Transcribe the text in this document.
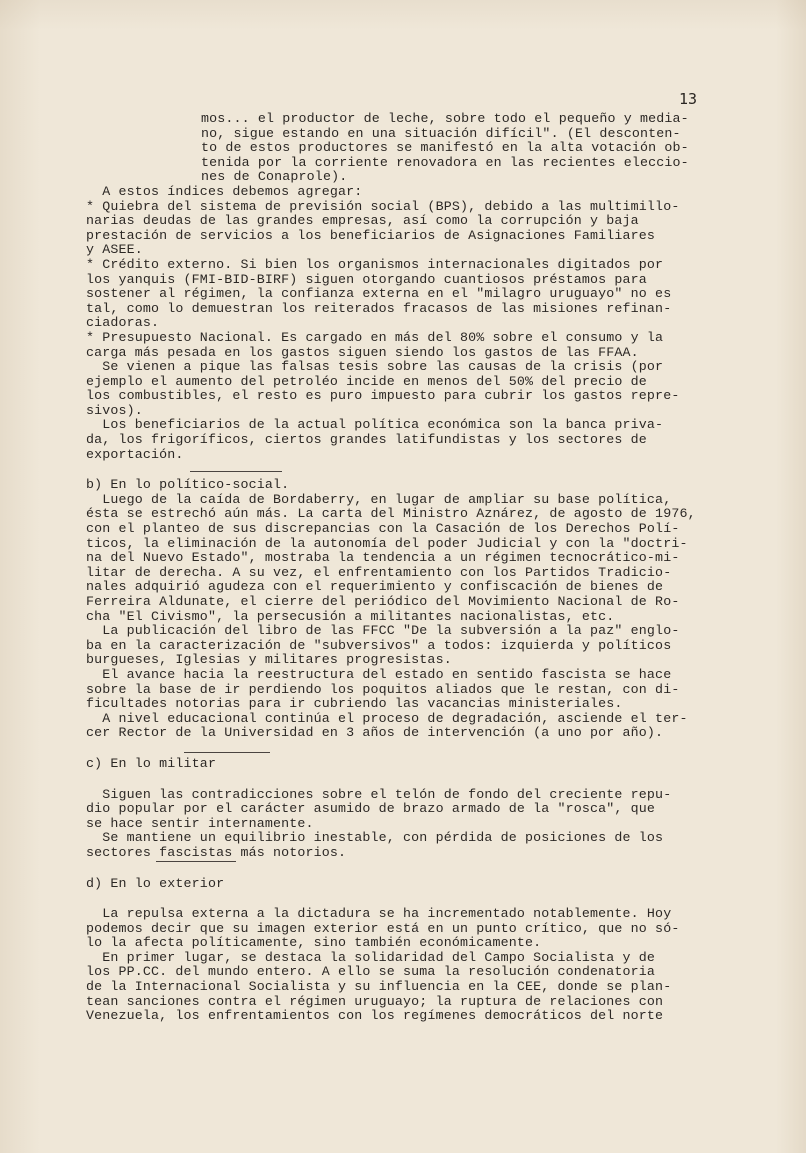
13

mos... el productor de leche, sobre todo el pequeño y media-

no, sigue estando en una situación difícil". (El desconten-

to de estos productores se manifestó en la alta votación ob-

tenida por la corriente renovadora en las recientes eleccio-

nes de Conaprole).

A estos índices debemos agregar:

* Quiebra del sistema de previsión social (BPS), debido a las multimillo-

narias deudas de las grandes empresas, así como la corrupción y baja

prestación de servicios a los beneficiarios de Asignaciones Familiares

y ASEE.

* Crédito externo. Si bien los organismos internacionales digitados por

los yanquis (FMI-BID-BIRF) siguen otorgando cuantiosos préstamos para

sostener al régimen, la confianza externa en el "milagro uruguayo" no es

tal, como lo demuestran los reiterados fracasos de las misiones refinan-

ciadoras.

* Presupuesto Nacional. Es cargado en más del 80% sobre el consumo y la

carga más pesada en los gastos siguen siendo los gastos de las FFAA.

Se vienen a pique las falsas tesis sobre las causas de la crisis (por

ejemplo el aumento del petroléo incide en menos del 50% del precio de

los combustibles, el resto es puro impuesto para cubrir los gastos repre-

sivos).

Los beneficiarios de la actual política económica son la banca priva-

da, los frigoríficos, ciertos grandes latifundistas y los sectores de

exportación.

b) En lo político-social.

Luego de la caída de Bordaberry, en lugar de ampliar su base política,

ésta se estrechó aún más. La carta del Ministro Aznárez, de agosto de 1976,

con el planteo de sus discrepancias con la Casación de los Derechos Polí-

ticos, la eliminación de la autonomía del poder Judicial y con la "doctri-

na del Nuevo Estado", mostraba la tendencia a un régimen tecnocrático-mi-

litar de derecha. A su vez, el enfrentamiento con los Partidos Tradicio-

nales adquirió agudeza con el requerimiento y confiscación de bienes de

Ferreira Aldunate, el cierre del periódico del Movimiento Nacional de Ro-

cha "El Civismo", la persecusión a militantes nacionalistas, etc.

La publicación del libro de las FFCC "De la subversión a la paz" englo-

ba en la caracterización de "subversivos" a todos: izquierda y políticos

burgueses, Iglesias y militares progresistas.

El avance hacia la reestructura del estado en sentido fascista se hace

sobre la base de ir perdiendo los poquitos aliados que le restan, con di-

ficultades notorias para ir cubriendo las vacancias ministeriales.

A nivel educacional continúa el proceso de degradación, asciende el ter-

cer Rector de la Universidad en 3 años de intervención (a uno por año).

c) En lo militar

Siguen las contradicciones sobre el telón de fondo del creciente repu-

dio popular por el carácter asumido de brazo armado de la "rosca", que

se hace sentir internamente.

Se mantiene un equilibrio inestable, con pérdida de posiciones de los

sectores fascistas más notorios.

d) En lo exterior

La repulsa externa a la dictadura se ha incrementado notablemente. Hoy

podemos decir que su imagen exterior está en un punto crítico, que no só-

lo la afecta políticamente, sino también económicamente.

En primer lugar, se destaca la solidaridad del Campo Socialista y de

los PP.CC. del mundo entero. A ello se suma la resolución condenatoria

de la Internacional Socialista y su influencia en la CEE, donde se plan-

tean sanciones contra el régimen uruguayo; la ruptura de relaciones con

Venezuela, los enfrentamientos con los regímenes democráticos del norte
